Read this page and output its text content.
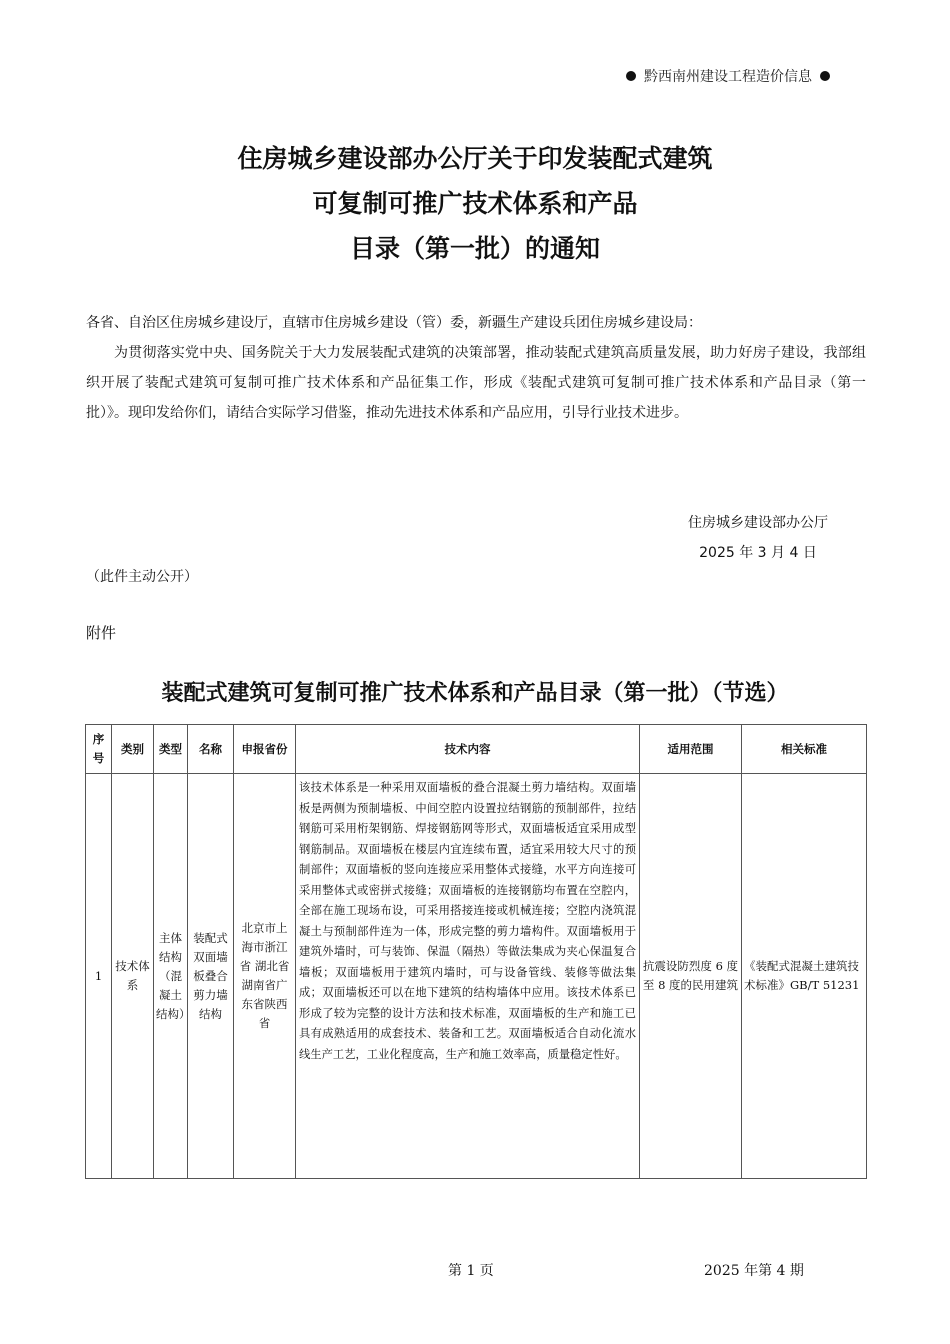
黔西南州建设工程造价信息
住房城乡建设部办公厅关于印发装配式建筑
可复制可推广技术体系和产品
目录（第一批）的通知

各省、自治区住房城乡建设厅，直辖市住房城乡建设（管）委，新疆生产建设兵团住房城乡建设局：

为贯彻落实党中央、国务院关于大力发展装配式建筑的决策部署，推动装配式建筑高质量发展，助力好房子建设，我部组织开展了装配式建筑可复制可推广技术体系和产品征集工作，形成《装配式建筑可复制可推广技术体系和产品目录（第一批）》。现印发给你们，请结合实际学习借鉴，推动先进技术体系和产品应用，引导行业技术进步。

住房城乡建设部办公厅
2025 年 3 月 4 日
（此件主动公开）
附件
装配式建筑可复制可推广技术体系和产品目录（第一批）（节选）
序号	类别	类型	名称	申报省份	技术内容	适用范围	相关标准
1	技术体系	主体结构（混凝土结构）	装配式双面墙板叠合剪力墙结构	北京市上海市浙江省 湖北省湖南省广东省陕西省	该技术体系是一种采用双面墙板的叠合混凝土剪力墙结构。双面墙板是两侧为预制墙板、中间空腔内设置拉结钢筋的预制部件，拉结钢筋可采用桁架钢筋、焊接钢筋网等形式，双面墙板适宜采用成型钢筋制品。双面墙板在楼层内宜连续布置，适宜采用较大尺寸的预制部件；双面墙板的竖向连接应采用整体式接缝，水平方向连接可采用整体式或密拼式接缝；双面墙板的连接钢筋均布置在空腔内，全部在施工现场布设，可采用搭接连接或机械连接；空腔内浇筑混凝土与预制部件连为一体，形成完整的剪力墙构件。双面墙板用于建筑外墙时，可与装饰、保温（隔热）等做法集成为夹心保温复合墙板；双面墙板用于建筑内墙时，可与设备管线、装修等做法集成；双面墙板还可以在地下建筑的结构墙体中应用。该技术体系已形成了较为完整的设计方法和技术标准，双面墙板的生产和施工已具有成熟适用的成套技术、装备和工艺。双面墙板适合自动化流水线生产工艺，工业化程度高，生产和施工效率高，质量稳定性好。	抗震设防烈度 6 度至 8 度的民用建筑	《装配式混凝土建筑技术标准》GB/T 51231
第 1 页	2025 年第 4 期
